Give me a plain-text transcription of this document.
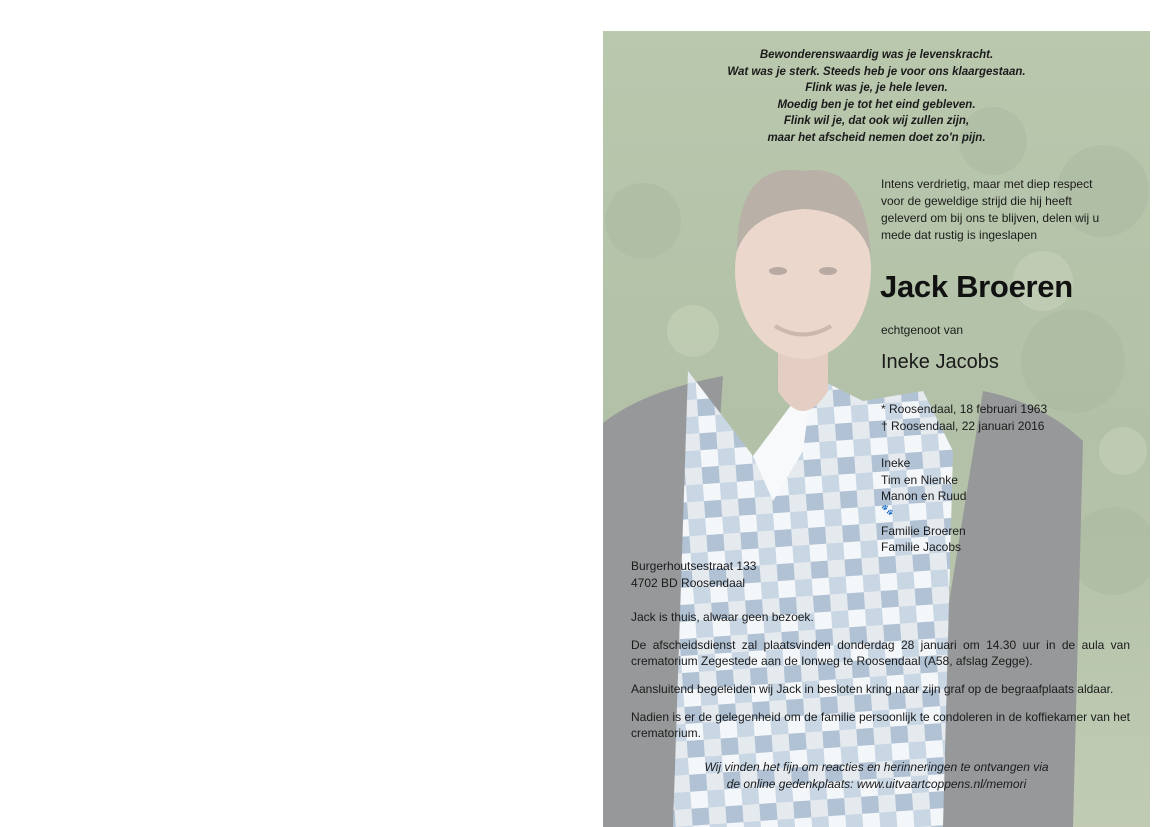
Bewonderenswaardig was je levenskracht.
Wat was je sterk. Steeds heb je voor ons klaargestaan.
Flink was je, je hele leven.
Moedig ben je tot het eind gebleven.
Flink wil je, dat ook wij zullen zijn,
maar het afscheid nemen doet zo'n pijn.
Intens verdrietig, maar met diep respect
voor de geweldige strijd die hij heeft
geleverd om bij ons te blijven, delen wij u
mede dat rustig is ingeslapen
Jack Broeren
echtgenoot van
Ineke Jacobs
* Roosendaal, 18 februari 1963
† Roosendaal, 22 januari 2016
Ineke
Tim en Nienke
Manon en Ruud
🐾
Familie Broeren
Familie Jacobs
Burgerhoutsestraat 133
4702 BD Roosendaal
Jack is thuis, alwaar geen bezoek.
De afscheidsdienst zal plaatsvinden donderdag 28 januari om 14.30 uur in de aula van crematorium Zegestede aan de Ionweg te Roosendaal (A58, afslag Zegge).
Aansluitend begeleiden wij Jack in besloten kring naar zijn graf op de begraafplaats aldaar.
Nadien is er de gelegenheid om de familie persoonlijk te condoleren in de koffiekamer van het crematorium.
Wij vinden het fijn om reacties en herinneringen te ontvangen via
de online gedenkplaats: www.uitvaartcoppens.nl/memori
